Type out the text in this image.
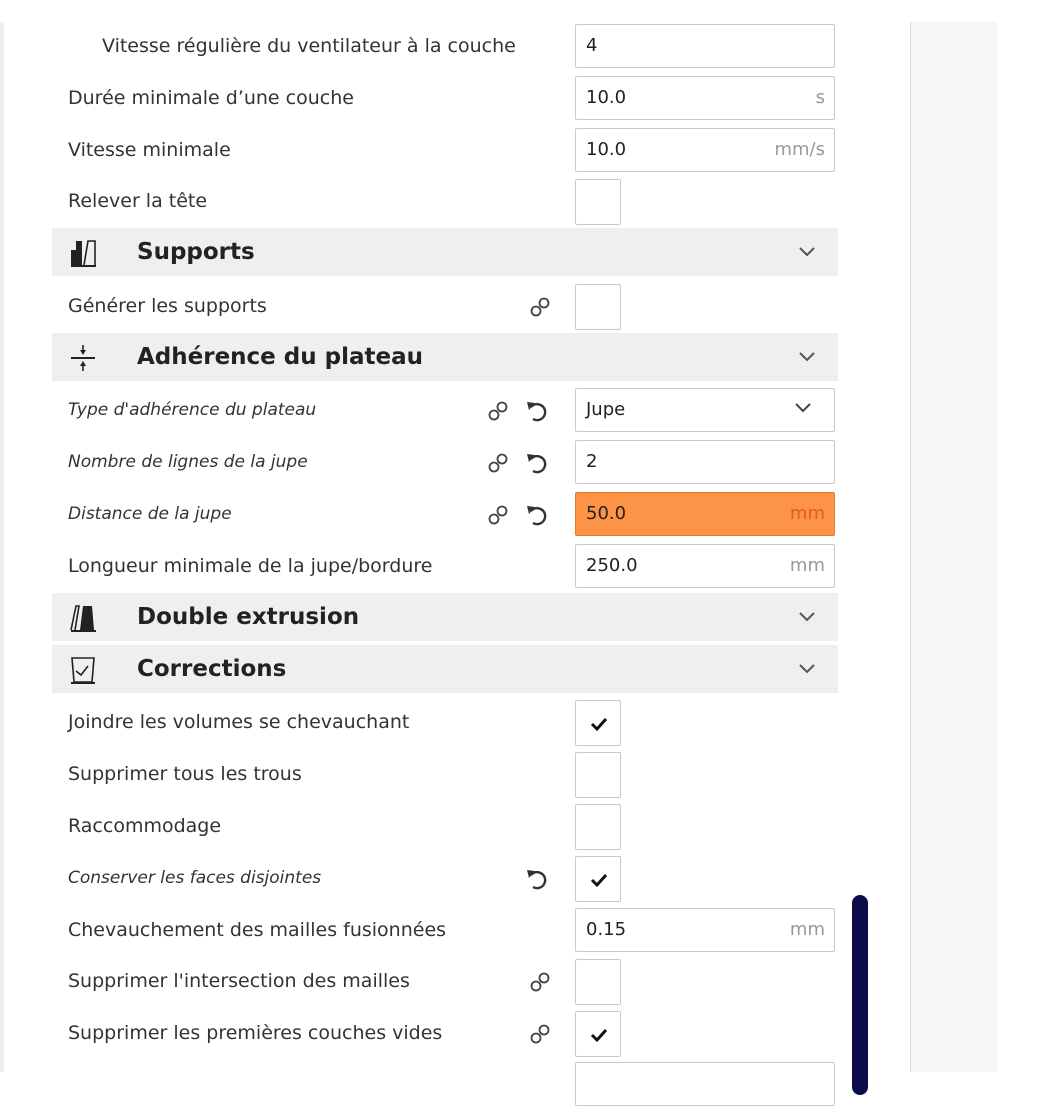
Vitesse régulière du ventilateur à la couche	4
Durée minimale d’une couche	10.0	s
Vitesse minimale	10.0	mm/s
Relever la tête
Supports
Générer les supports
Adhérence du plateau
Type d'adhérence du plateau	Jupe
Nombre de lignes de la jupe	2
Distance de la jupe	50.0	mm
Longueur minimale de la jupe/bordure	250.0	mm
Double extrusion
Corrections
Joindre les volumes se chevauchant
Supprimer tous les trous
Raccommodage
Conserver les faces disjointes
Chevauchement des mailles fusionnées	0.15	mm
Supprimer l'intersection des mailles
Supprimer les premières couches vides
